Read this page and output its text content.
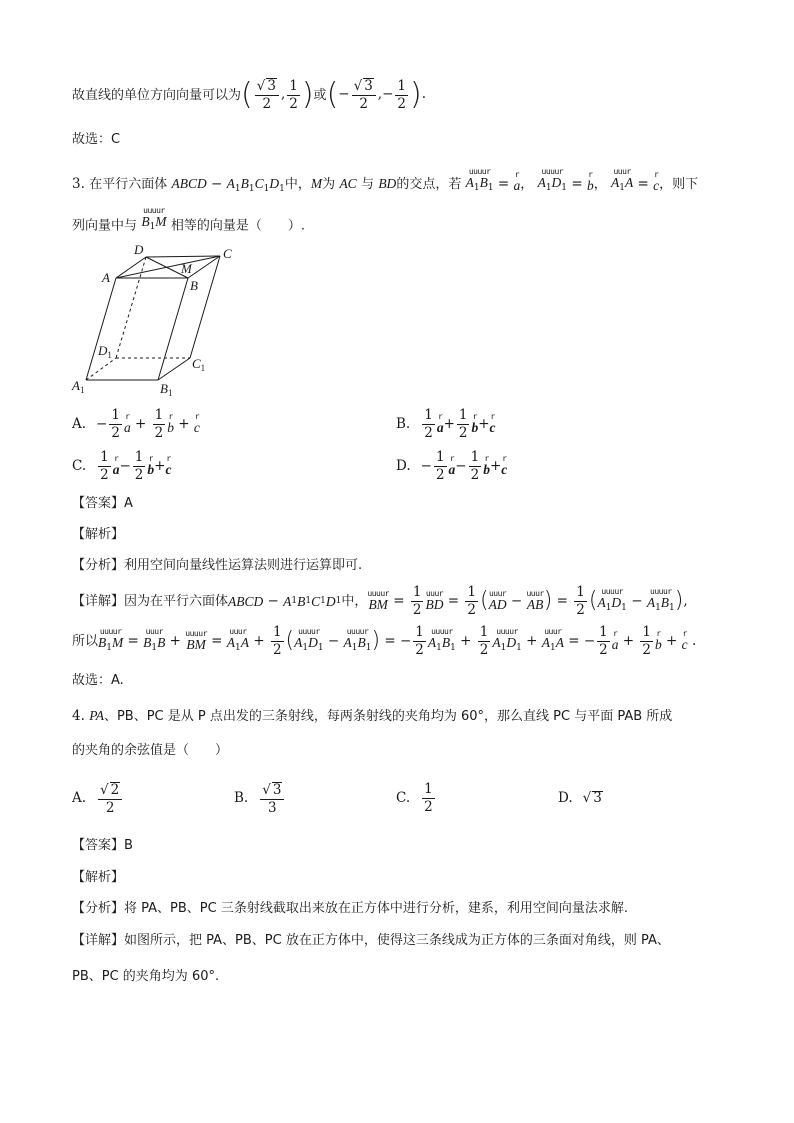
故直线的单位方向向量可以为 ( $\frac{√ 3}{2}$ , $\frac{1}{2}$ ) 或 ( − $\frac{√ 3}{2}$ ,− $\frac{1}{2}$ ) .
故选：C
3. 在平行六面体 ABCD − $A_1B_1C_1D_1$中，M为 AC 与 BD的交点，若
uuuur
$A_1B_1$ =
r
a ，
uuuur
$A_1D_1$ =
r
b ，
uuur
$A_1A$ =
r
c ，则下
列向量中与
uuuur
$B_1M$ 相等的向量是（　　）.
D	C
A
M
B
$D_1$
$C_1$
$A_1$	$B_1$
A. − $\frac{1}{2}$ r
$a + \frac{1}{2}$ r
b + r
c	B. $\frac{1}{2}$ r
$a + \frac{1}{2}$ r
b + r
c
C. $\frac{1}{2}$ r
$a - \frac{1}{2}$ r
b + r
c	D. − $\frac{1}{2}$ r
$a - \frac{1}{2}$ r
b + r
c
【答案】A
【解析】
【分析】利用空间向量线性运算法则进行运算即可.
【详解】因为在平行六面体 ABCD − A 1 B 1 C 1 D 1 中，
uuuur
BM = $\frac{1}{2}$ uuur
BD = $\frac{1}{2}$ ( uuur
AD − uuur
AB ) = $\frac{1}{2}$ ( uuuur
$A_1D_1$ −
uuuur
$A_1B_1$ ) ,
所以
uuuur
$B_1M$ =
uuur
$B_1B$ + uuuur
BM =
uuur
$A_1A + \frac{1}{2}$ ( uuuur
$A_1D_1$ −
uuuur
$A_1B_1$ ) = − $\frac{1}{2}$ uuuur
$A_1B_1 + \frac{1}{2}$ uuuur
$A_1D_1$ +
uuur
$A_1A$ = − $\frac{1}{2}$ r
$a + \frac{1}{2}$ r
b + r
c .
故选：A.
4. PA、PB、PC 是从 P 点出发的三条射线，每两条射线的夹角均为 60°，那么直线 PC 与平面 PAB 所成
的夹角的余弦值是（　　）
A. $\frac{√ 2}{2}$	B. $\frac{√ 3}{3}$	C. $\frac{1}{2}$	D. √ 3
【答案】B
【解析】
【分析】将 PA、PB、PC 三条射线截取出来放在正方体中进行分析，建系，利用空间向量法求解.
【详解】如图所示，把 PA、PB、PC 放在正方体中，使得这三条线成为正方体的三条面对角线，则 PA、
PB、PC 的夹角均为 60°.
